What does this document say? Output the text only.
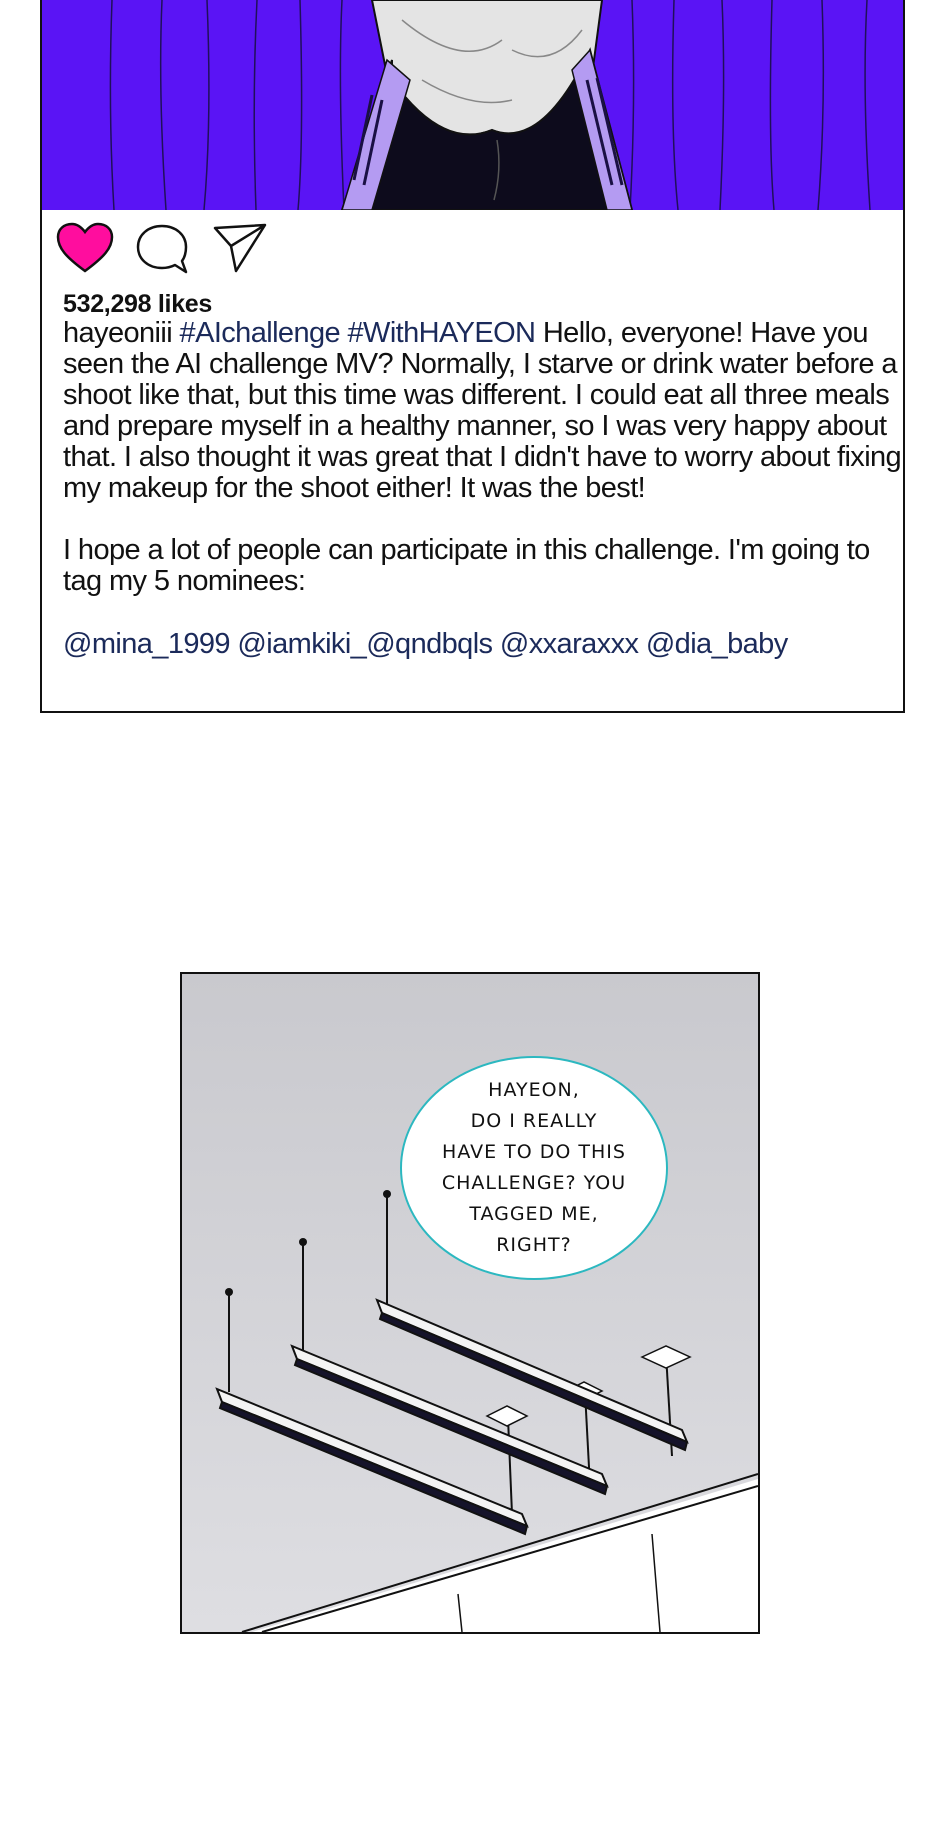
532,298 likes

hayeoniii #AIchallenge #WithHAYEON Hello, everyone! Have you seen the AI challenge MV? Normally, I starve or drink water before a shoot like that, but this time was different. I could eat all three meals and prepare myself in a healthy manner, so I was very happy about that. I also thought it was great that I didn't have to worry about fixing my makeup for the shoot either! It was the best!

I hope a lot of people can participate in this challenge. I'm going to tag my 5 nominees:

@mina_1999 @iamkiki_@qndbqls @xxaraxxx @dia_baby
HAYEON,
DO I REALLY
HAVE TO DO THIS
CHALLENGE? YOU
TAGGED ME,
RIGHT?
